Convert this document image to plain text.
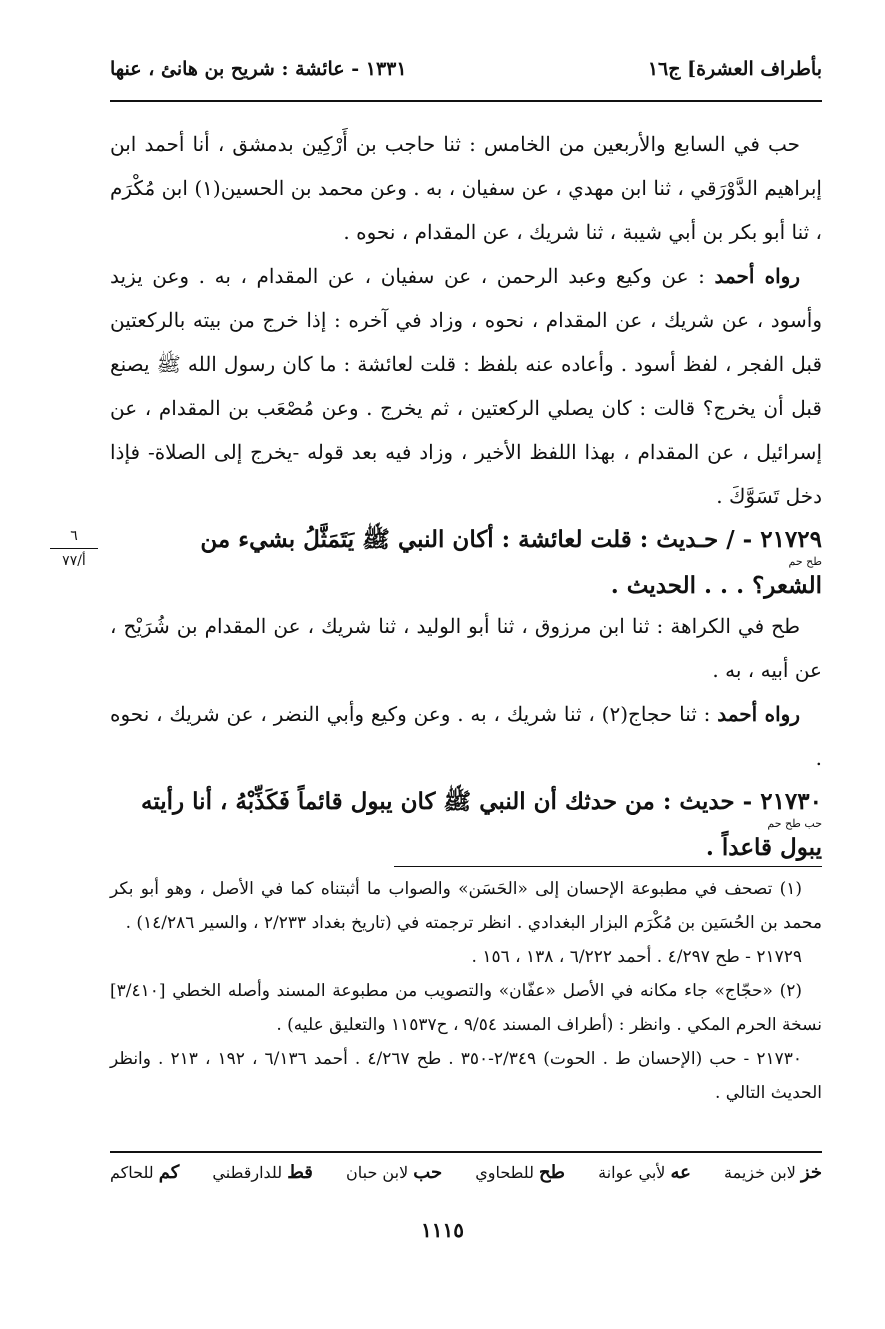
بأطراف العشرة] ج١٦
١٣٣١ - عائشة : شريح بن هانئ ، عنها
٦
أ/٧٧

حب في السابع والأربعين من الخامس : ثنا حاجب بن أَرْكِين بدمشق ، أنا أحمد ابن إبراهيم الدَّوْرَقي ، ثنا ابن مهدي ، عن سفيان ، به . وعن محمد بن الحسين(١) ابن مُكْرَم ، ثنا أبو بكر بن أبي شيبة ، ثنا شريك ، عن المقدام ، نحوه .

رواه أحمد : عن وكيع وعبد الرحمن ، عن سفيان ، عن المقدام ، به . وعن يزيد وأسود ، عن شريك ، عن المقدام ، نحوه ، وزاد في آخره : إذا خرج من بيته بالركعتين قبل الفجر ، لفظ أسود . وأعاده عنه بلفظ : قلت لعائشة : ما كان رسول الله ﷺ يصنع قبل أن يخرج؟ قالت : كان يصلي الركعتين ، ثم يخرج . وعن مُصْعَب بن المقدام ، عن إسرائيل ، عن المقدام ، بهذا اللفظ الأخير ، وزاد فيه بعد قوله -يخرج إلى الصلاة- فإذا دخل تَسَوَّكَ .

٢١٧٢٩ - / حـديث : قلت لعائشة : أكان النبي ﷺ يَتَمَثَّلُ بشيء من

طح حم

الشعر؟ . . . الحديث .

طح في الكراهة : ثنا ابن مرزوق ، ثنا أبو الوليد ، ثنا شريك ، عن المقدام بن شُرَيْح ، عن أبيه ، به .

رواه أحمد : ثنا حجاج(٢) ، ثنا شريك ، به . وعن وكيع وأبي النضر ، عن شريك ، نحوه .

٢١٧٣٠ - حديث : من حدثك أن النبي ﷺ كان يبول قائماً فَكَذِّبْهُ ، أنا رأيته

حب طح حم

يبول قاعداً .

(١) تصحف في مطبوعة الإحسان إلى «الحَسَن» والصواب ما أثبتناه كما في الأصل ، وهو أبو بكر محمد بن الحُسَين بن مُكْرَم البزار البغدادي . انظر ترجمته في (تاريخ بغداد ٢/٢٣٣ ، والسير ١٤/٢٨٦) .

٢١٧٢٩ - طح ٤/٢٩٧ . أحمد ٦/٢٢٢ ، ١٣٨ ، ١٥٦ .

(٢) «حجّاج» جاء مكانه في الأصل «عفّان» والتصويب من مطبوعة المسند وأصله الخطي [٣/٤١٠] نسخة الحرم المكي . وانظر : (أطراف المسند ٩/٥٤ ، ح١١٥٣٧ والتعليق عليه) .

٢١٧٣٠ - حب (الإحسان ط . الحوت) ٢/٣٤٩-٣٥٠ . طح ٤/٢٦٧ . أحمد ٦/١٣٦ ، ١٩٢ ، ٢١٣ . وانظر الحديث التالي .

خز لابن خزيمة
عه لأبي عوانة
طح للطحاوي
حب لابن حبان
قط للدارقطني
كم للحاكم
١١١٥
